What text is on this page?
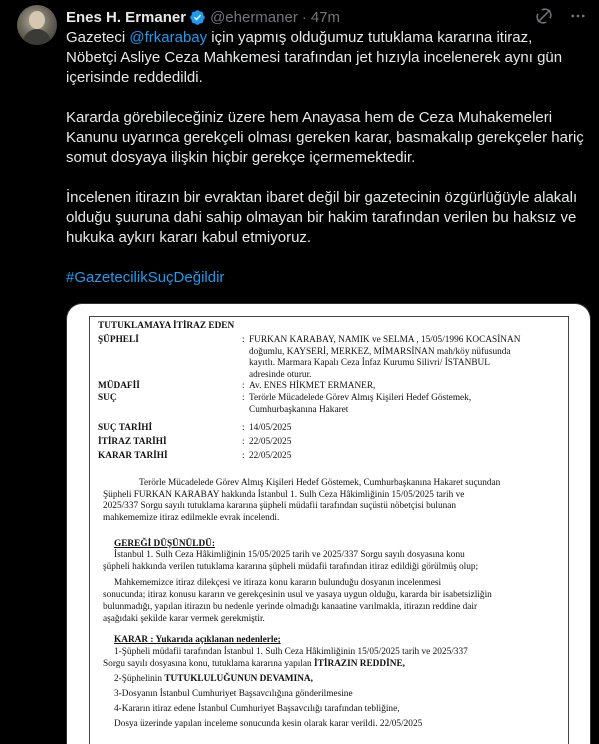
Enes H. Ermaner @ehermaner · 47m

Gazeteci @frkarabay için yapmış olduğumuz tutuklama kararına itiraz, Nöbetçi Asliye Ceza Mahkemesi tarafından jet hızıyla incelenerek aynı gün içerisinde reddedildi.

Kararda görebileceğiniz üzere hem Anayasa hem de Ceza Muhakemeleri Kanunu uyarınca gerekçeli olması gereken karar, basmakalıp gerekçeler hariç somut dosyaya ilişkin hiçbir gerekçe içermemektedir.

İncelenen itirazın bir evraktan ibaret değil bir gazetecinin özgürlüğüyle alakalı olduğu şuuruna dahi sahip olmayan bir hakim tarafından verilen bu haksız ve hukuka aykırı kararı kabul etmiyoruz.

#GazetecilikSuçDeğildir

TUTUKLAMAYA İTİRAZ EDEN
ŞÜPHELİ	: FURKAN KARABAY, NAMIK ve SELMA , 15/05/1996 KOCASİNAN
doğumlu, KAYSERİ, MERKEZ, MİMARSİNAN mah/köy nüfusunda
kayıtlı. Marmara Kapalı Ceza İnfaz Kurumu Silivri/ İSTANBUL
adresinde oturur.
MÜDAFİİ	: Av. ENES HİKMET ERMANER,
SUÇ	: Terörle Mücadelede Görev Almış Kişileri Hedef Göstemek,
Cumhurbaşkanına Hakaret
SUÇ TARİHİ	: 14/05/2025
İTİRAZ TARİHİ	: 22/05/2025
KARAR TARİHİ	: 22/05/2025
Terörle Mücadelede Görev Almış Kişileri Hedef Göstemek, Cumhurbaşkanına Hakaret suçundan
Şüpheli FURKAN KARABAY hakkında İstanbul 1. Sulh Ceza Hâkimliğinin 15/05/2025 tarih ve
2025/337 Sorgu sayılı tutuklama kararına şüpheli müdafii tarafından suçüstü nöbetçisi bulunan
mahkememize itiraz edilmekle evrak incelendi.
GEREĞİ DÜŞÜNÜLDÜ:
İstanbul 1. Sulh Ceza Hâkimliğinin 15/05/2025 tarih ve 2025/337 Sorgu sayılı dosyasına konu
şüpheli hakkında verilen tutuklama kararına şüpheli müdafii tarafından itiraz edildiği görülmüş olup;
Mahkememizce itiraz dilekçesi ve itiraza konu kararın bulunduğu dosyanın incelenmesi
sonucunda; itiraz konusu kararın ve gerekçesinin usul ve yasaya uygun olduğu, kararda bir isabetsizliğin
bulunmadığı, yapılan itirazın bu nedenle yerinde olmadığı kanaatine varılmakla, itirazın reddine dair
aşağıdaki şekilde karar vermek gerekmiştir.
KARAR : Yukarıda açıklanan nedenlerle;
1-Şüpheli müdafii tarafından İstanbul 1. Sulh Ceza Hâkimliğinin 15/05/2025 tarih ve 2025/337
Sorgu sayılı dosyasına konu, tutuklama kararına yapılan İTİRAZIN REDDİNE,
2-Şüphelinin TUTUKLULUĞUNUN DEVAMINA,
3-Dosyanın İstanbul Cumhuriyet Başsavcılığına gönderilmesine
4-Kararın itiraz edene İstanbul Cumhuriyet Başsavcılığı tarafından tebliğine,
Dosya üzerinde yapılan inceleme sonucunda kesin olarak karar verildi. 22/05/2025
